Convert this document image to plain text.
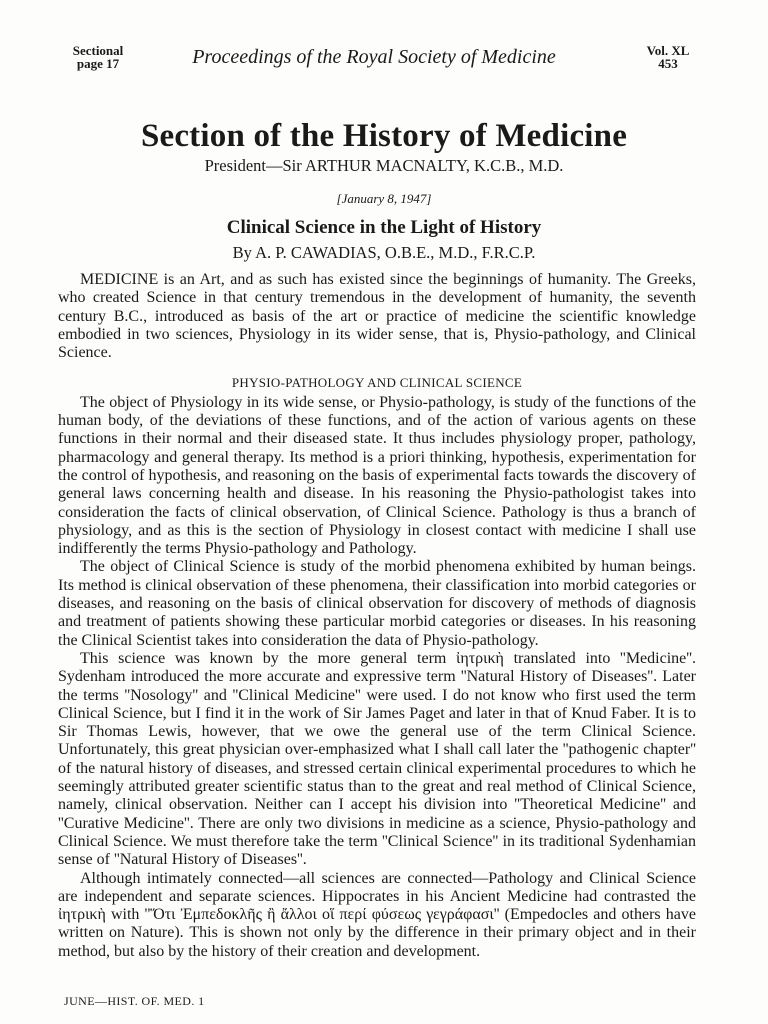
Sectional
page 17	Proceedings of the Royal Society of Medicine	Vol. XL
453
Section of the History of Medicine
President—Sir ARTHUR MACNALTY, K.C.B., M.D.
[January 8, 1947]
Clinical Science in the Light of History
By A. P. CAWADIAS, O.B.E., M.D., F.R.C.P.

MEDICINE is an Art, and as such has existed since the beginnings of humanity. The Greeks, who created Science in that century tremendous in the development of humanity, the seventh century B.C., introduced as basis of the art or practice of medicine the scientific knowledge embodied in two sciences, Physiology in its wider sense, that is, Physio-pathology, and Clinical Science.

PHYSIO-PATHOLOGY AND CLINICAL SCIENCE

The object of Physiology in its wide sense, or Physio-pathology, is study of the functions of the human body, of the deviations of these functions, and of the action of various agents on these functions in their normal and their diseased state. It thus includes physiology proper, pathology, pharmacology and general therapy. Its method is a priori thinking, hypothesis, experimentation for the control of hypothesis, and reasoning on the basis of experimental facts towards the discovery of general laws concerning health and disease. In his reasoning the Physio-pathologist takes into consideration the facts of clinical observation, of Clinical Science. Pathology is thus a branch of physiology, and as this is the section of Physiology in closest contact with medicine I shall use indifferently the terms Physio-pathology and Pathology.

The object of Clinical Science is study of the morbid phenomena exhibited by human beings. Its method is clinical observation of these phenomena, their classification into morbid categories or diseases, and reasoning on the basis of clinical observation for discovery of methods of diagnosis and treatment of patients showing these particular morbid categories or diseases. In his reasoning the Clinical Scientist takes into consideration the data of Physio-pathology.

This science was known by the more general term ἰητρικὴ translated into ''Medicine''. Sydenham introduced the more accurate and expressive term ''Natural History of Diseases''. Later the terms ''Nosology'' and ''Clinical Medicine'' were used. I do not know who first used the term Clinical Science, but I find it in the work of Sir James Paget and later in that of Knud Faber. It is to Sir Thomas Lewis, however, that we owe the general use of the term Clinical Science. Unfortunately, this great physician over-emphasized what I shall call later the ''pathogenic chapter'' of the natural history of diseases, and stressed certain clinical experimental procedures to which he seemingly attributed greater scientific status than to the great and real method of Clinical Science, namely, clinical observation. Neither can I accept his division into ''Theoretical Medicine'' and ''Curative Medicine''. There are only two divisions in medicine as a science, Physio-pathology and Clinical Science. We must therefore take the term ''Clinical Science'' in its traditional Sydenhamian sense of ''Natural History of Diseases''.

Although intimately connected—all sciences are connected—Pathology and Clinical Science are independent and separate sciences. Hippocrates in his Ancient Medicine had contrasted the ἰητρικὴ with ''Ὅτι Ἐμπεδοκλῆς ἢ ἄλλοι οἵ περί φύσεως γεγράφασι'' (Empedocles and others have written on Nature). This is shown not only by the difference in their primary object and in their method, but also by the history of their creation and development.

JUNE—HIST. OF. MED. 1
